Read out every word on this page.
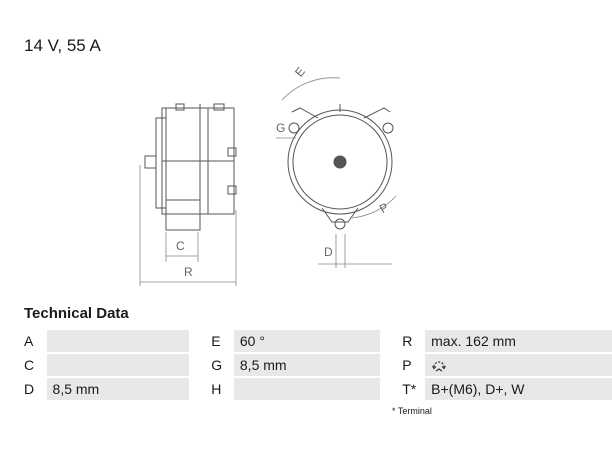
14 V, 55 A
C
R
E
G
P
D
Technical Data
A			E	60 °		R	max. 162 mm
C			G	8,5 mm		P	
D	8,5 mm		H			T*	B+(M6), D+, W
* Terminal
